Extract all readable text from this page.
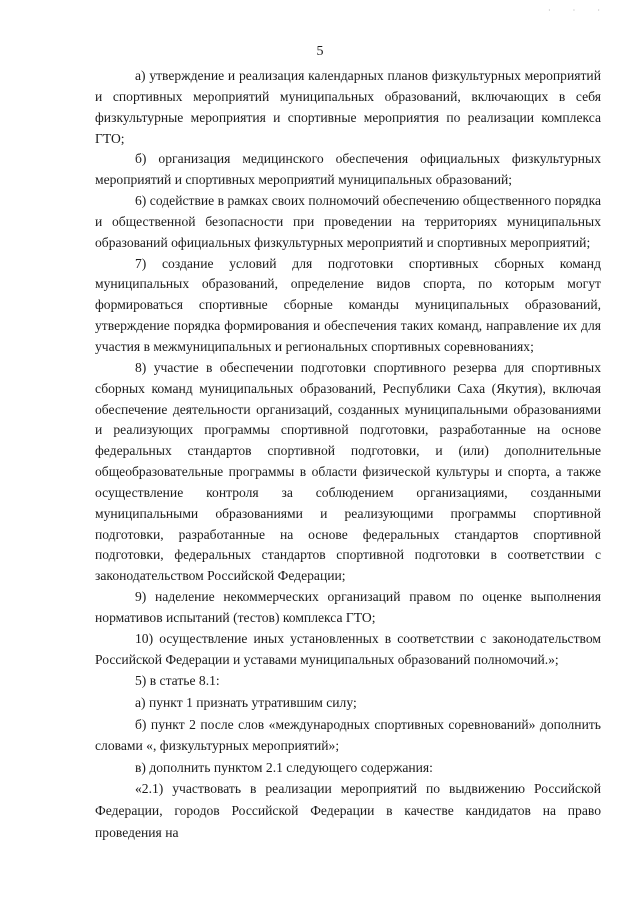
· · ·
5

а) утверждение и реализация календарных планов физкультурных мероприятий и спортивных мероприятий муниципальных образований, включающих в себя физкультурные мероприятия и спортивные мероприятия по реализации комплекса ГТО;

б) организация медицинского обеспечения официальных физкультурных мероприятий и спортивных мероприятий муниципальных образований;

6) содействие в рамках своих полномочий обеспечению общественного порядка и общественной безопасности при проведении на территориях муниципальных образований официальных физкультурных мероприятий и спортивных мероприятий;

7) создание условий для подготовки спортивных сборных команд муниципальных образований, определение видов спорта, по которым могут формироваться спортивные сборные команды муниципальных образований, утверждение порядка формирования и обеспечения таких команд, направление их для участия в межмуниципальных и региональных спортивных соревнованиях;

8) участие в обеспечении подготовки спортивного резерва для спортивных сборных команд муниципальных образований, Республики Саха (Якутия), включая обеспечение деятельности организаций, созданных муниципальными образованиями и реализующих программы спортивной подготовки, разработанные на основе федеральных стандартов спортивной подготовки, и (или) дополнительные общеобразовательные программы в области физической культуры и спорта, а также осуществление контроля за соблюдением организациями, созданными муниципальными образованиями и реализующими программы спортивной подготовки, разработанные на основе федеральных стандартов спортивной подготовки, федеральных стандартов спортивной подготовки в соответствии с законодательством Российской Федерации;

9) наделение некоммерческих организаций правом по оценке выполнения нормативов испытаний (тестов) комплекса ГТО;

10) осуществление иных установленных в соответствии с законодательством Российской Федерации и уставами муниципальных образований полномочий.»;

5) в статье 8.1:

а) пункт 1 признать утратившим силу;

б) пункт 2 после слов «международных спортивных соревнований» дополнить словами «, физкультурных мероприятий»;

в) дополнить пунктом 2.1 следующего содержания:

«2.1) участвовать в реализации мероприятий по выдвижению Российской Федерации, городов Российской Федерации в качестве кандидатов на право проведения на
